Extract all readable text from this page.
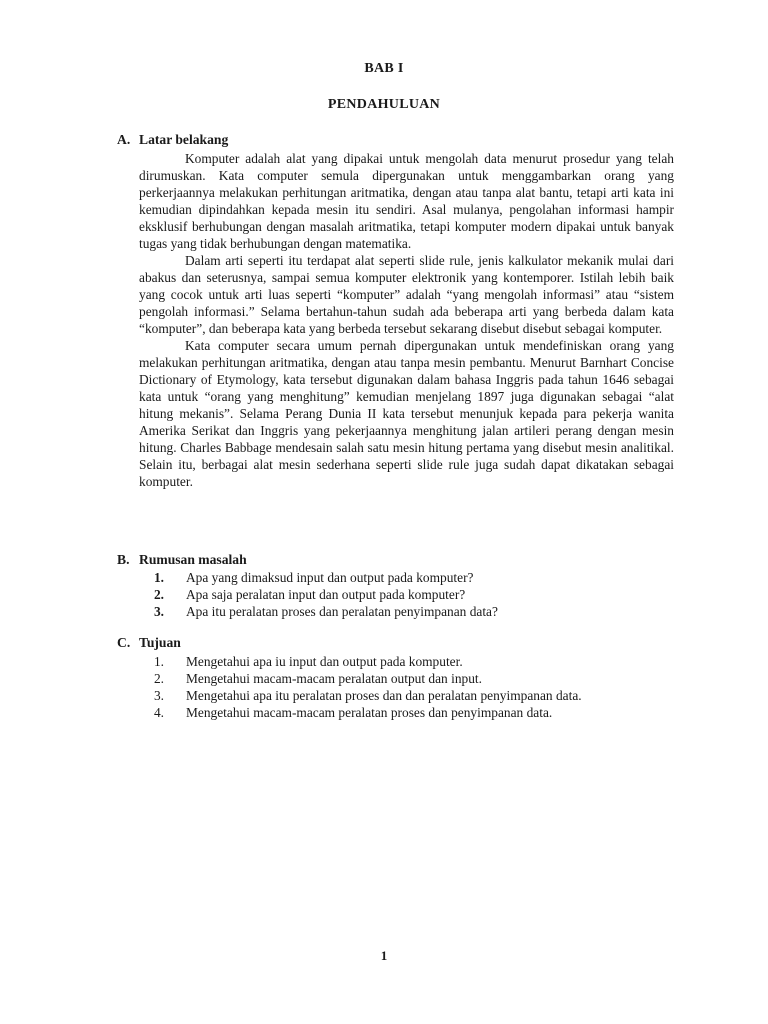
BAB I
PENDAHULUAN
A. Latar belakang

Komputer adalah alat yang dipakai untuk mengolah data menurut prosedur yang telah dirumuskan. Kata computer semula dipergunakan untuk menggambarkan orang yang perkerjaannya melakukan perhitungan aritmatika, dengan atau tanpa alat bantu, tetapi arti kata ini kemudian dipindahkan kepada mesin itu sendiri. Asal mulanya, pengolahan informasi hampir eksklusif berhubungan dengan masalah aritmatika, tetapi komputer modern dipakai untuk banyak tugas yang tidak berhubungan dengan matematika.

Dalam arti seperti itu terdapat alat seperti slide rule, jenis kalkulator mekanik mulai dari abakus dan seterusnya, sampai semua komputer elektronik yang kontemporer. Istilah lebih baik yang cocok untuk arti luas seperti “komputer” adalah “yang mengolah informasi” atau “sistem pengolah informasi.” Selama bertahun-tahun sudah ada beberapa arti yang berbeda dalam kata “komputer”, dan beberapa kata yang berbeda tersebut sekarang disebut disebut sebagai komputer.

Kata computer secara umum pernah dipergunakan untuk mendefiniskan orang yang melakukan perhitungan aritmatika, dengan atau tanpa mesin pembantu. Menurut Barnhart Concise Dictionary of Etymology, kata tersebut digunakan dalam bahasa Inggris pada tahun 1646 sebagai kata untuk “orang yang menghitung” kemudian menjelang 1897 juga digunakan sebagai “alat hitung mekanis”. Selama Perang Dunia II kata tersebut menunjuk kepada para pekerja wanita Amerika Serikat dan Inggris yang pekerjaannya menghitung jalan artileri perang dengan mesin hitung. Charles Babbage mendesain salah satu mesin hitung pertama yang disebut mesin analitikal. Selain itu, berbagai alat mesin sederhana seperti slide rule juga sudah dapat dikatakan sebagai komputer.

B. Rumusan masalah
1.	Apa yang dimaksud input dan output pada komputer?
2.	Apa saja peralatan input dan output pada komputer?
3.	Apa itu peralatan proses dan peralatan penyimpanan data?
C. Tujuan
1.	Mengetahui apa iu input dan output pada komputer.
2.	Mengetahui macam-macam peralatan output dan input.
3.	Mengetahui apa itu peralatan proses dan dan peralatan penyimpanan data.
4.	Mengetahui macam-macam peralatan proses dan penyimpanan data.
1
